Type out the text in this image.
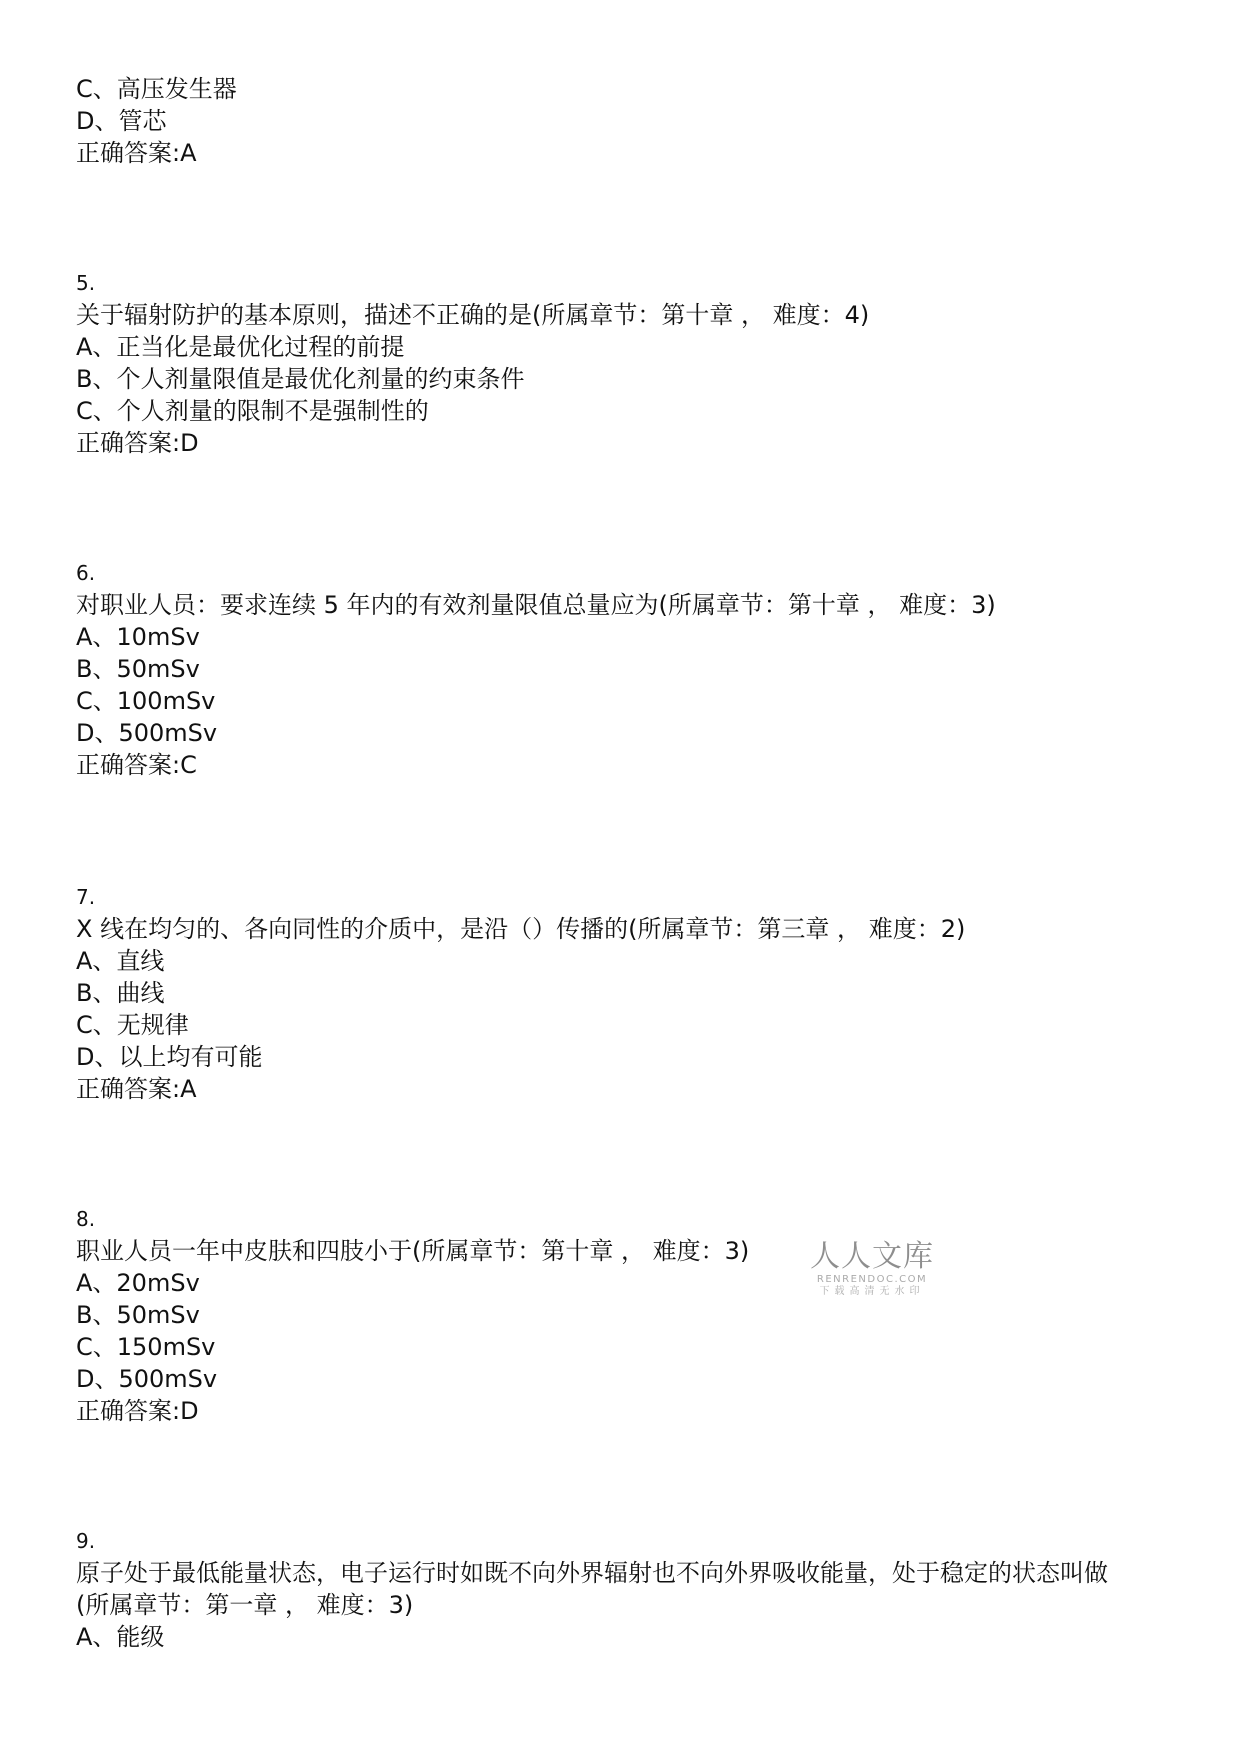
C、高压发生器
D、管芯
正确答案:A
5.
关于辐射防护的基本原则，描述不正确的是(所属章节：第十章 ， 难度：4)
A、正当化是最优化过程的前提
B、个人剂量限值是最优化剂量的约束条件
C、个人剂量的限制不是强制性的
正确答案:D
6.
对职业人员：要求连续 5 年内的有效剂量限值总量应为(所属章节：第十章 ， 难度：3)
A、10mSv
B、50mSv
C、100mSv
D、500mSv
正确答案:C
7.
X 线在均匀的、各向同性的介质中，是沿（）传播的(所属章节：第三章 ， 难度：2)
A、直线
B、曲线
C、无规律
D、以上均有可能
正确答案:A
8.
职业人员一年中皮肤和四肢小于(所属章节：第十章 ， 难度：3)
A、20mSv
B、50mSv
C、150mSv
D、500mSv
正确答案:D
9.
原子处于最低能量状态，电子运行时如既不向外界辐射也不向外界吸收能量，处于稳定的状态叫做
(所属章节：第一章 ， 难度：3)
A、能级
人人文库
RENRENDOC.COM
下载高清无水印
